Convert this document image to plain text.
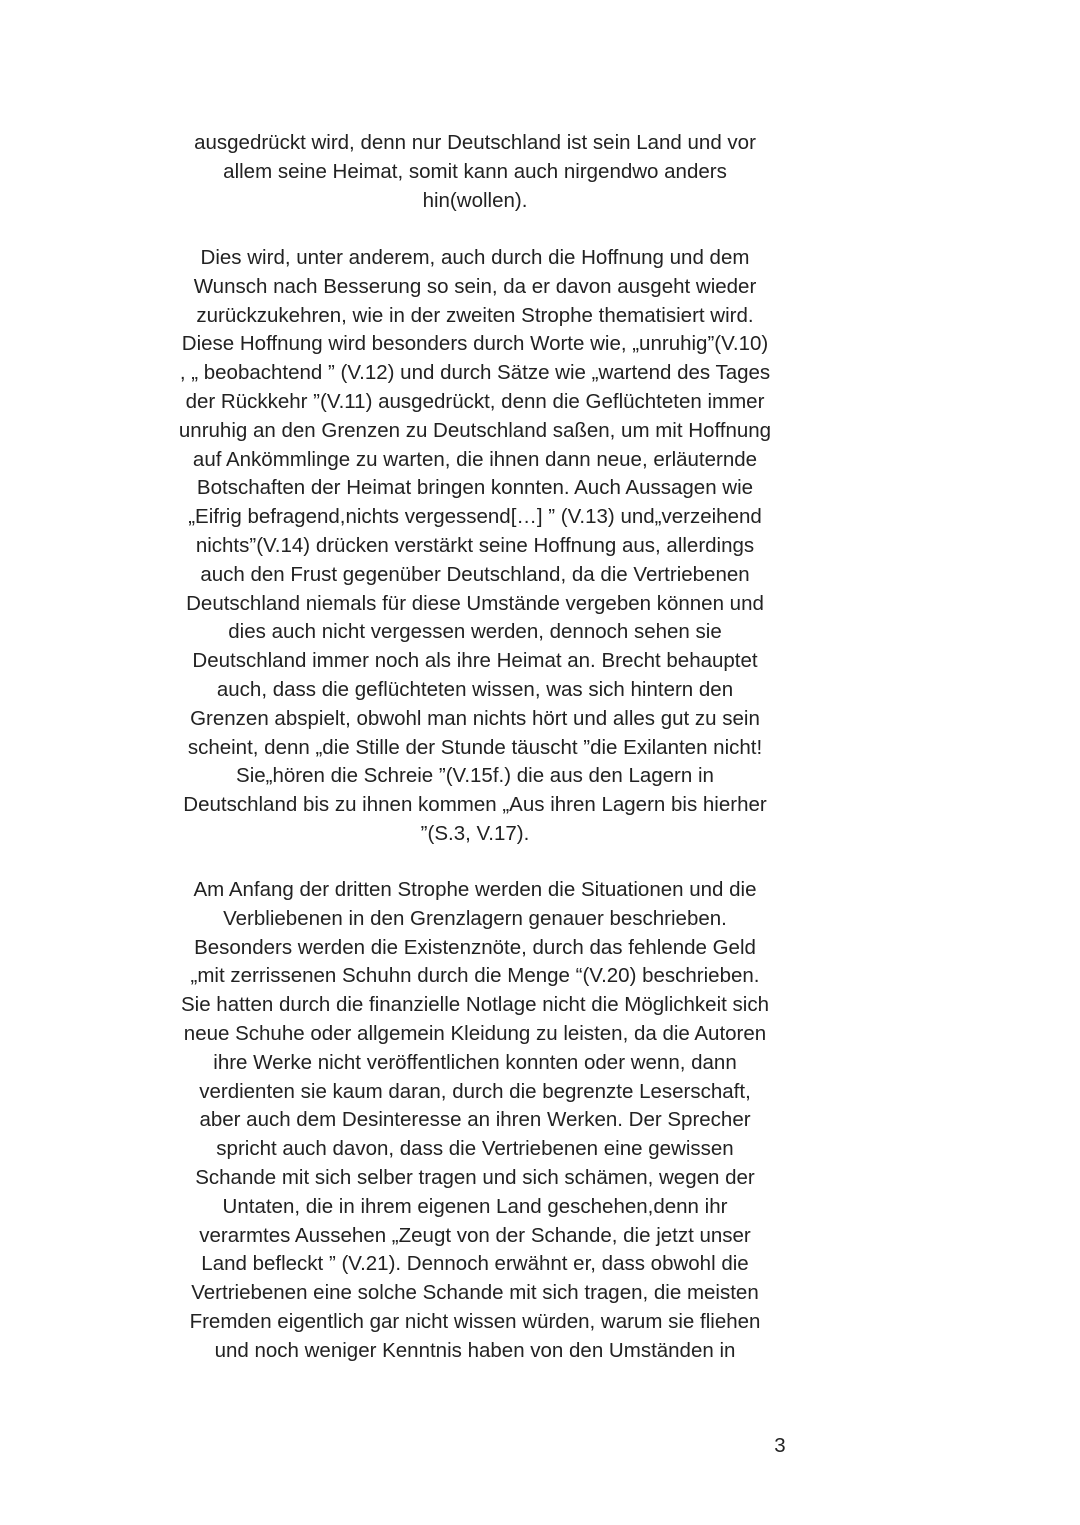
ausgedrückt wird, denn nur Deutschland ist sein Land und vor
allem seine Heimat, somit kann auch nirgendwo anders
hin(wollen).
Dies wird, unter anderem, auch durch die Hoffnung und dem
Wunsch nach Besserung so sein, da er davon ausgeht wieder
zurückzukehren, wie in der zweiten Strophe thematisiert wird.
Diese Hoffnung wird besonders durch Worte wie, „unruhig”(V.10)
, „ beobachtend ” (V.12) und durch Sätze wie „wartend des Tages
der Rückkehr ”(V.11) ausgedrückt, denn die Geflüchteten immer
unruhig an den Grenzen zu Deutschland saßen, um mit Hoffnung
auf Ankömmlinge zu warten, die ihnen dann neue, erläuternde
Botschaften der Heimat bringen konnten. Auch Aussagen wie
„Eifrig befragend,nichts vergessend[…] ” (V.13) und„verzeihend
nichts”(V.14) drücken verstärkt seine Hoffnung aus, allerdings
auch den Frust gegenüber Deutschland, da die Vertriebenen
Deutschland niemals für diese Umstände vergeben können und
dies auch nicht vergessen werden, dennoch sehen sie
Deutschland immer noch als ihre Heimat an. Brecht behauptet
auch, dass die geflüchteten wissen, was sich hintern den
Grenzen abspielt, obwohl man nichts hört und alles gut zu sein
scheint, denn „die Stille der Stunde täuscht ”die Exilanten nicht!
Sie„hören die Schreie ”(V.15f.) die aus den Lagern in
Deutschland bis zu ihnen kommen „Aus ihren Lagern bis hierher
”(S.3, V.17).
Am Anfang der dritten Strophe werden die Situationen und die
Verbliebenen in den Grenzlagern genauer beschrieben.
Besonders werden die Existenznöte, durch das fehlende Geld
„mit zerrissenen Schuhn durch die Menge “(V.20) beschrieben.
Sie hatten durch die finanzielle Notlage nicht die Möglichkeit sich
neue Schuhe oder allgemein Kleidung zu leisten, da die Autoren
ihre Werke nicht veröffentlichen konnten oder wenn, dann
verdienten sie kaum daran, durch die begrenzte Leserschaft,
aber auch dem Desinteresse an ihren Werken. Der Sprecher
spricht auch davon, dass die Vertriebenen eine gewissen
Schande mit sich selber tragen und sich schämen, wegen der
Untaten, die in ihrem eigenen Land geschehen,denn ihr
verarmtes Aussehen „Zeugt von der Schande, die jetzt unser
Land befleckt ” (V.21). Dennoch erwähnt er, dass obwohl die
Vertriebenen eine solche Schande mit sich tragen, die meisten
Fremden eigentlich gar nicht wissen würden, warum sie fliehen
und noch weniger Kenntnis haben von den Umständen in
3
